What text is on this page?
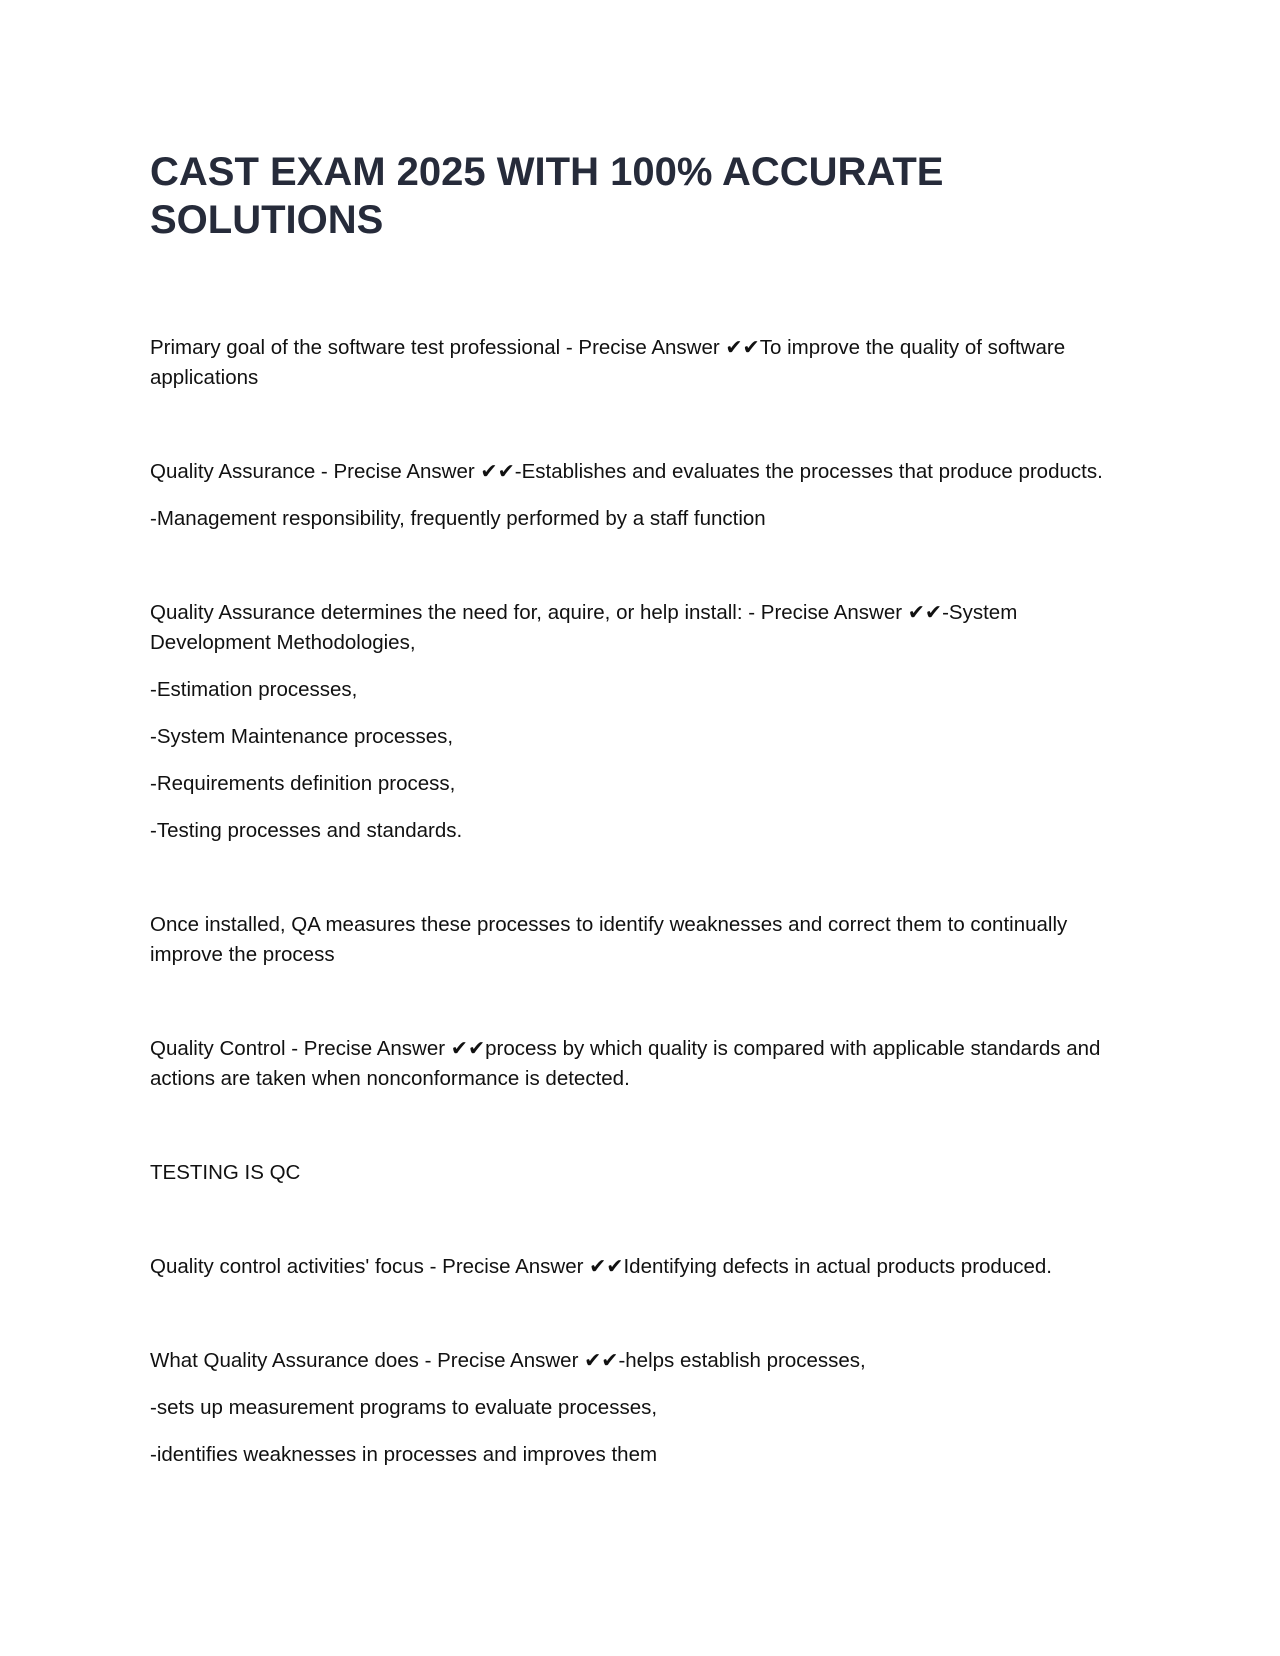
CAST EXAM 2025 WITH 100% ACCURATE SOLUTIONS

Primary goal of the software test professional - Precise Answer ✔✔To improve the quality of software applications

Quality Assurance - Precise Answer ✔✔-Establishes and evaluates the processes that produce products.

-Management responsibility, frequently performed by a staff function

Quality Assurance determines the need for, aquire, or help install: - Precise Answer ✔✔-System Development Methodologies,

-Estimation processes,

-System Maintenance processes,

-Requirements definition process,

-Testing processes and standards.

Once installed, QA measures these processes to identify weaknesses and correct them to continually improve the process

Quality Control - Precise Answer ✔✔process by which quality is compared with applicable standards and actions are taken when nonconformance is detected.

TESTING IS QC

Quality control activities' focus - Precise Answer ✔✔Identifying defects in actual products produced.

What Quality Assurance does - Precise Answer ✔✔-helps establish processes,

-sets up measurement programs to evaluate processes,

-identifies weaknesses in processes and improves them
